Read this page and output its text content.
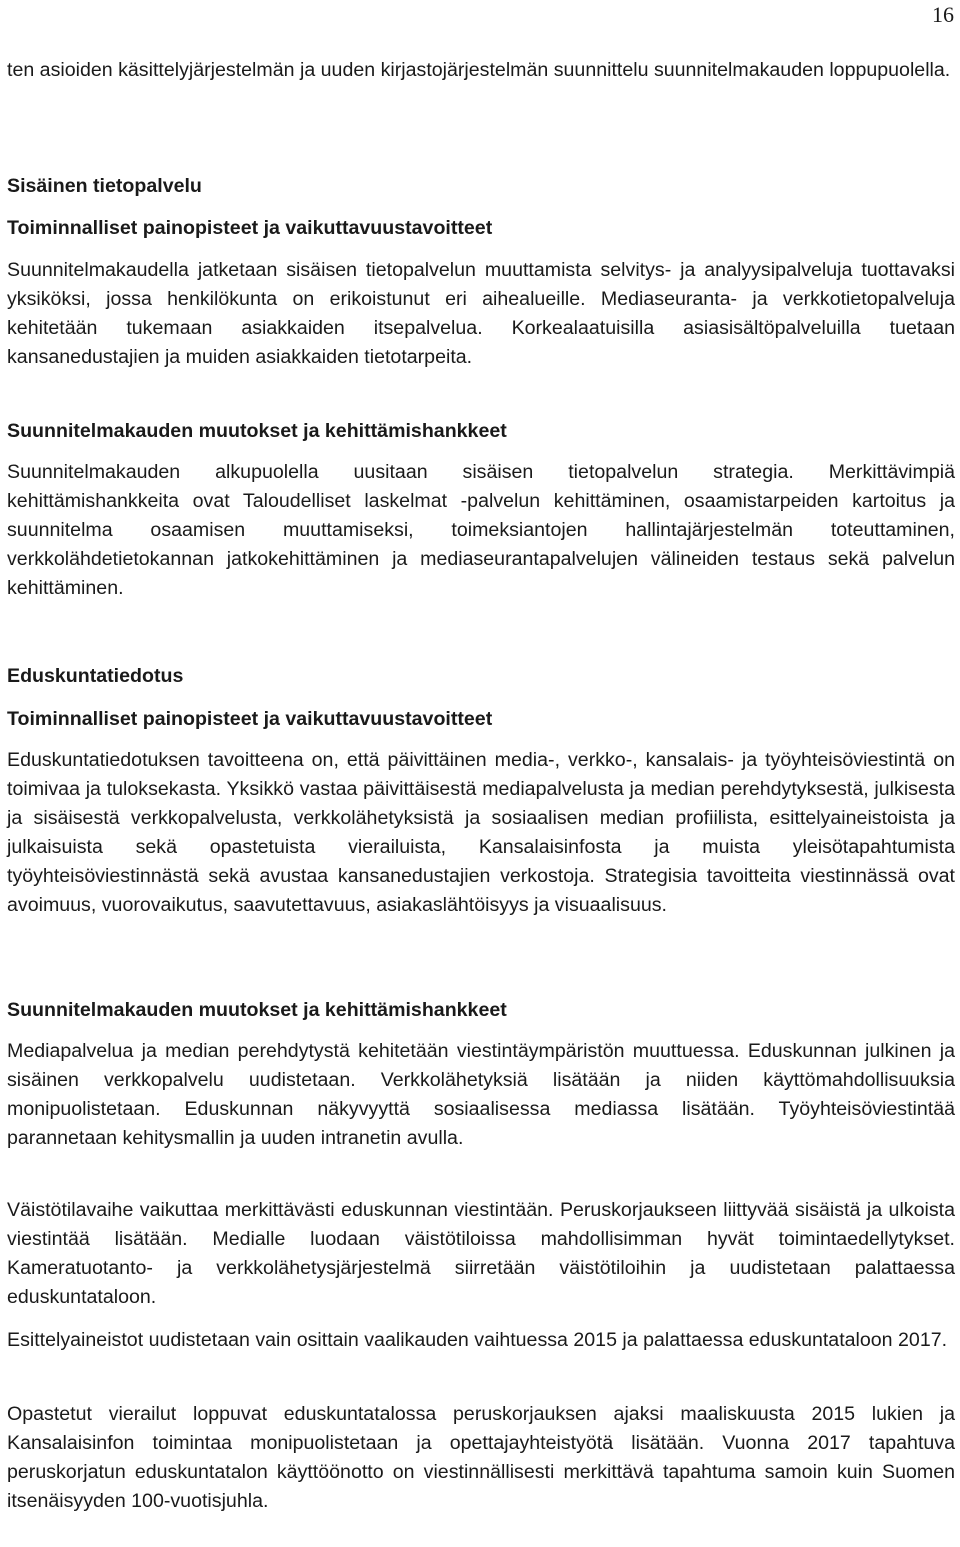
16

ten asioiden käsittelyjärjestelmän ja uuden kirjastojärjestelmän suunnittelu suunnitelmakauden loppupuolella.

Sisäinen tietopalvelu
Toiminnalliset painopisteet ja vaikuttavuustavoitteet

Suunnitelmakaudella jatketaan sisäisen tietopalvelun muuttamista selvitys- ja analyysipalveluja tuottavaksi yksiköksi, jossa henkilökunta on erikoistunut eri aihealueille. Mediaseuranta- ja verkkotietopalveluja kehitetään tukemaan asiakkaiden itsepalvelua. Korkealaatuisilla asiasisältöpalveluilla tuetaan kansanedustajien ja muiden asiakkaiden tietotarpeita.

Suunnitelmakauden muutokset ja kehittämishankkeet

Suunnitelmakauden alkupuolella uusitaan sisäisen tietopalvelun strategia. Merkittävimpiä kehittämishankkeita ovat Taloudelliset laskelmat -palvelun kehittäminen, osaamistarpeiden kartoitus ja suunnitelma osaamisen muuttamiseksi, toimeksiantojen hallintajärjestelmän toteuttaminen, verkkolähdetietokannan jatkokehittäminen ja mediaseurantapalvelujen välineiden testaus sekä palvelun kehittäminen.

Eduskuntatiedotus
Toiminnalliset painopisteet ja vaikuttavuustavoitteet

Eduskuntatiedotuksen tavoitteena on, että päivittäinen media-, verkko-, kansalais- ja työyhteisöviestintä on toimivaa ja tuloksekasta. Yksikkö vastaa päivittäisestä mediapalvelusta ja median perehdytyksestä, julkisesta ja sisäisestä verkkopalvelusta, verkkolähetyksistä ja sosiaalisen median profiilista, esittelyaineistoista ja julkaisuista sekä opastetuista vierailuista, Kansalaisinfosta ja muista yleisötapahtumista työyhteisöviestinnästä sekä avustaa kansanedustajien verkostoja. Strategisia tavoitteita viestinnässä ovat avoimuus, vuorovaikutus, saavutettavuus, asiakaslähtöisyys ja visuaalisuus.

Suunnitelmakauden muutokset ja kehittämishankkeet

Mediapalvelua ja median perehdytystä kehitetään viestintäympäristön muuttuessa. Eduskunnan julkinen ja sisäinen verkkopalvelu uudistetaan. Verkkolähetyksiä lisätään ja niiden käyttömahdollisuuksia monipuolistetaan. Eduskunnan näkyvyyttä sosiaalisessa mediassa lisätään. Työyhteisöviestintää parannetaan kehitysmallin ja uuden intranetin avulla.

Väistötilavaihe vaikuttaa merkittävästi eduskunnan viestintään. Peruskorjaukseen liittyvää sisäistä ja ulkoista viestintää lisätään. Medialle luodaan väistötiloissa mahdollisimman hyvät toimintaedellytykset. Kameratuotanto- ja verkkolähetysjärjestelmä siirretään väistötiloihin ja uudistetaan palattaessa eduskuntataloon.

Esittelyaineistot uudistetaan vain osittain vaalikauden vaihtuessa 2015 ja palattaessa eduskuntataloon 2017.

Opastetut vierailut loppuvat eduskuntatalossa peruskorjauksen ajaksi maaliskuusta 2015 lukien ja Kansalaisinfon toimintaa monipuolistetaan ja opettajayhteistyötä lisätään. Vuonna 2017 tapahtuva peruskorjatun eduskuntatalon käyttöönotto on viestinnällisesti merkittävä tapahtuma samoin kuin Suomen itsenäisyyden 100-vuotisjuhla.
